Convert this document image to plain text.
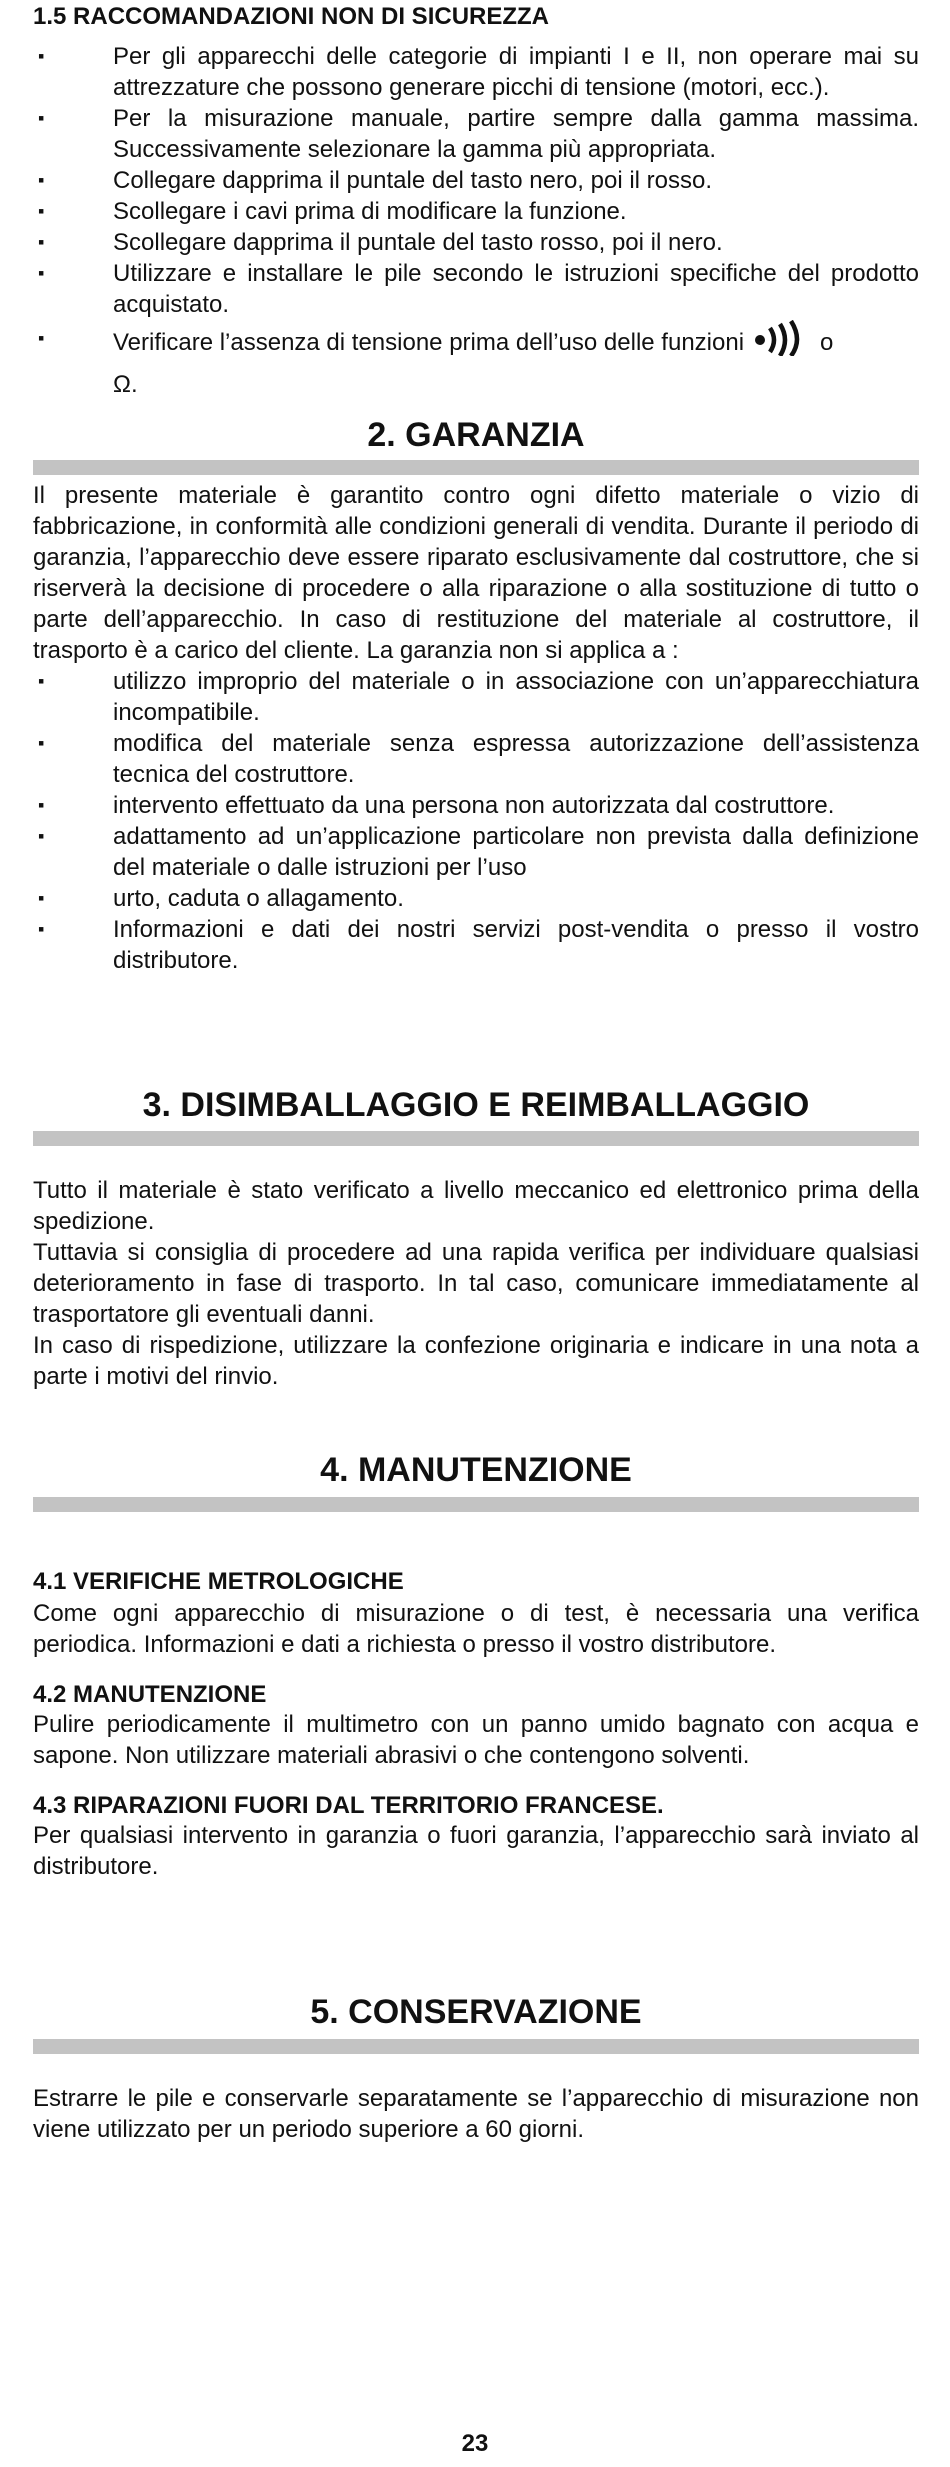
1.5 RACCOMANDAZIONI NON DI SICUREZZA
▪	Per gli apparecchi delle categorie di impianti I e II, non operare mai su attrezzature che possono generare picchi di tensione (motori, ecc.).
▪	Per la misurazione manuale, partire sempre dalla gamma massima. Successivamente selezionare la gamma più appropriata.
▪	Collegare dapprima il puntale del tasto nero, poi il rosso.
▪	Scollegare i cavi prima di modificare la funzione.
▪	Scollegare dapprima il puntale del tasto rosso, poi il nero.
▪	Utilizzare e installare le pile secondo le istruzioni specifiche del prodotto acquistato.
▪	Verificare l’assenza di tensione prima dell’uso delle funzioni	o
Ω.
2. GARANZIA

Il presente materiale è garantito contro ogni difetto materiale o vizio di fabbricazione, in conformità alle condizioni generali di vendita. Durante il periodo di garanzia, l’apparecchio deve essere riparato esclusivamente dal costruttore, che si riserverà la decisione di procedere o alla riparazione o alla sostituzione di tutto o parte dell’apparecchio. In caso di restituzione del materiale al costruttore, il trasporto è a carico del cliente. La garanzia non si applica a :

▪	utilizzo improprio del materiale o in associazione con un’apparecchiatura incompatibile.
▪	modifica del materiale senza espressa autorizzazione dell’assistenza tecnica del costruttore.
▪	intervento effettuato da una persona non autorizzata dal costruttore.
▪	adattamento ad un’applicazione particolare non prevista dalla definizione del materiale o dalle istruzioni per l’uso
▪	urto, caduta o allagamento.
▪	Informazioni e dati dei nostri servizi post-vendita o presso il vostro distributore.
3. DISIMBALLAGGIO E REIMBALLAGGIO

Tutto il materiale è stato verificato a livello meccanico ed elettronico prima della spedizione.

Tuttavia si consiglia di procedere ad una rapida verifica per individuare qualsiasi deterioramento in fase di trasporto. In tal caso, comunicare immediatamente al trasportatore gli eventuali danni.

In caso di rispedizione, utilizzare la confezione originaria e indicare in una nota a parte i motivi del rinvio.

4. MANUTENZIONE
4.1 VERIFICHE METROLOGICHE

Come ogni apparecchio di misurazione o di test, è necessaria una verifica periodica. Informazioni e dati a richiesta o presso il vostro distributore.

4.2 MANUTENZIONE

Pulire periodicamente il multimetro con un panno umido bagnato con acqua e sapone. Non utilizzare materiali abrasivi o che contengono solventi.

4.3 RIPARAZIONI FUORI DAL TERRITORIO FRANCESE.

Per qualsiasi intervento in garanzia o fuori garanzia, l’apparecchio sarà inviato al distributore.

5. CONSERVAZIONE

Estrarre le pile e conservarle separatamente se l’apparecchio di misurazione non viene utilizzato per un periodo superiore a 60 giorni.

23
